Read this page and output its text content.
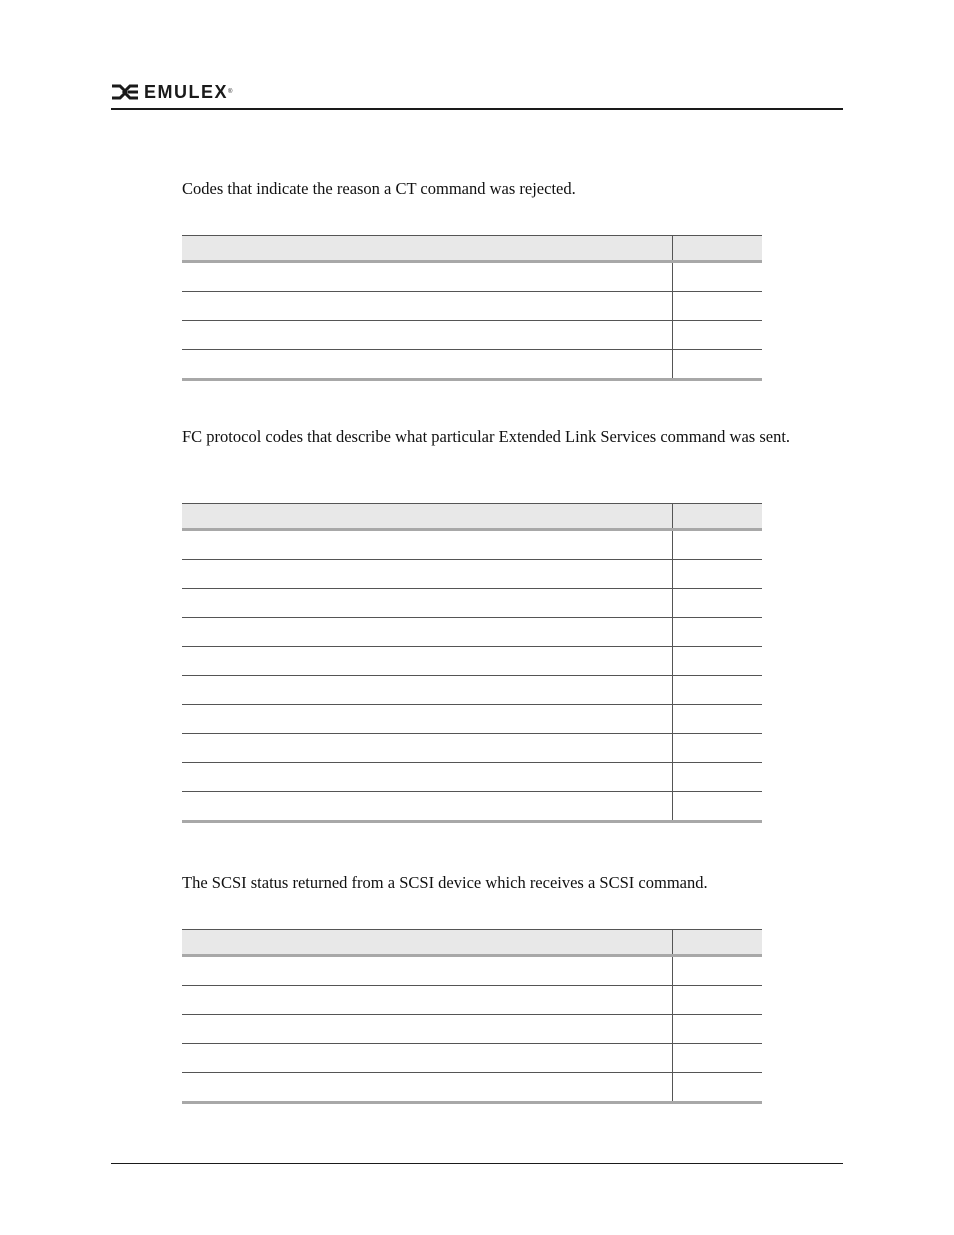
EMULEX ®

Codes that indicate the reason a CT command was rejected.

FC protocol codes that describe what particular Extended Link Services command was sent.

The SCSI status returned from a SCSI device which receives a SCSI command.
